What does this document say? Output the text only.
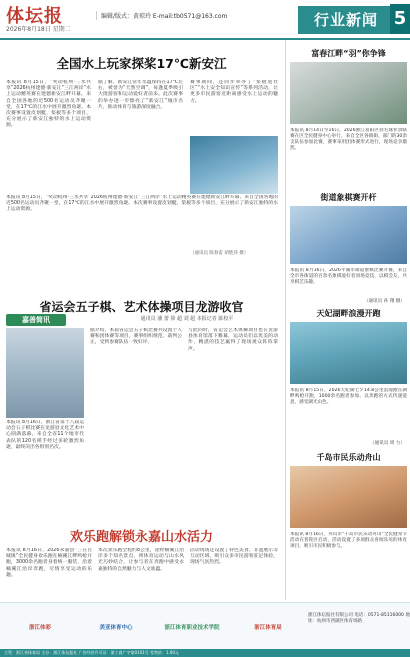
体坛报
2026年8月18日 星期二
编辑/版式：黄琼玲 E-mail:tb0571@163.com	行业新闻 5
全国水上玩家探桨17℃新安江
本报讯 8月15日，“奖动杭州·三水共享”2026杭州建德·新安江“三江两岸”水上运动精英赛在建德新安江畔开幕，来自全国各地的近500名运动员齐聚一堂，在17℃的江水中展开激烈角逐。本次赛事设置皮划艇、桨板等多个项目，充分展示了新安江独特的水上运动资源。
据了解，新安江常年水温保持在17℃左右，被誉为“天然空调”，每逢夏季吸引大批游客和运动爱好者前来。此次赛事的举办进一步擦亮了“新安江”城市名片，推动体育与旅游深度融合。
赛事期间，还同步举办了“桨板进社区”“水上安全知识宣传”等系列活动，让更多市民游客近距离感受水上运动的魅力。
本报讯 8月15日，“奖动杭州·三水共享”2026杭州建德·新安江“三江两岸”水上运动精英赛在建德新安江畔开幕，来自全国各地的近500名运动员齐聚一堂，在17℃的江水中展开激烈角逐。本次赛事设置皮划艇、桨板等多个项目，充分展示了新安江独特的水上运动资源。
（通讯员 陈春雷 胡胜萍 摄）
省运会五子棋、艺术体操项目龙游收官
嘉善简讯	通讯员 潘 蕾 徐 超 刘 超 本报记者 陈校平
本报讯 8月16日，浙江省第十八届运动会五子棋比赛在龙游县文化艺术中心圆满落幕。来自全省11个地市代表队的120名棋手经过多轮激烈角逐，最终决出各组别名次。
据介绍，本届省运会五子棋比赛共设置个人赛和团体赛等项目，赛事组织规范、裁判公正，受到参赛队伍一致好评。
与此同时，省运会艺术体操项目也在龙游县体育馆落下帷幕，运动员们以优美的动作、精湛的技艺赢得了现场观众阵阵掌声。
欢乐跑解锁永嘉山水活力
本报讯 8月16日，2026永嘉县“三在百城镇”全民健身欢乐跑在楠溪江畔鸣枪开跑，3000余名跑者身着统一服装，沿着楠溪江沿岸奔跑，尽情享受运动的乐趣。
本次欢乐跑全程约8公里，途经楠溪江沿岸多个知名景点，将体育运动与山水风光巧妙结合，让参与者在奔跑中感受永嘉独特的自然魅力与人文底蕴。
活动现场还设置了特色美食、非遗展示等互动区域，吸引众多市民游客驻足体验，现场气氛热烈。
富春江畔“羽”你争锋
本报讯 8月14日至16日，2026浙江富阳区羽毛球业余联赛在区全民健身中心举行，来自全区各镇街、部门的30余支队伍参加比赛，赛事采用团体赛形式进行，现场竞争激烈。
街道象棋赛开杆
本报讯 8月16日，2026平湖市街道象棋比赛开赛，来自全市各街道的百余名象棋爱好者同场竞技，以棋会友，共享棋艺乐趣。
（通讯员 孙 翔 摄）
天妃湖畔浪漫开跑
本报讯 8月15日，2026天妃湖七夕14.8公里浪漫跑在湖畔鸣枪开跑，1000余名跑者参加，以奔跑的方式传递爱意，感受湖光山色。
（通讯员 周 力）
千岛市民乐动舟山
本报讯 8月16日，舟山市“千岛市民乐动舟山”全民健身节活动在普陀区启动，活动设置了多项群众喜闻乐见的体育项目，吸引市民积极参与。
浙江体彩	美亚体育中心	浙江体育职业技术学院	浙江体育局
浙江体坛报社有限公司 电话：0571-85116000 地址：杭州市西湖区体育场路
主管：浙江省体育局 主办：浙江体坛报社 广告经营许可证：浙工商广字第0101号 零售价：1.00元
